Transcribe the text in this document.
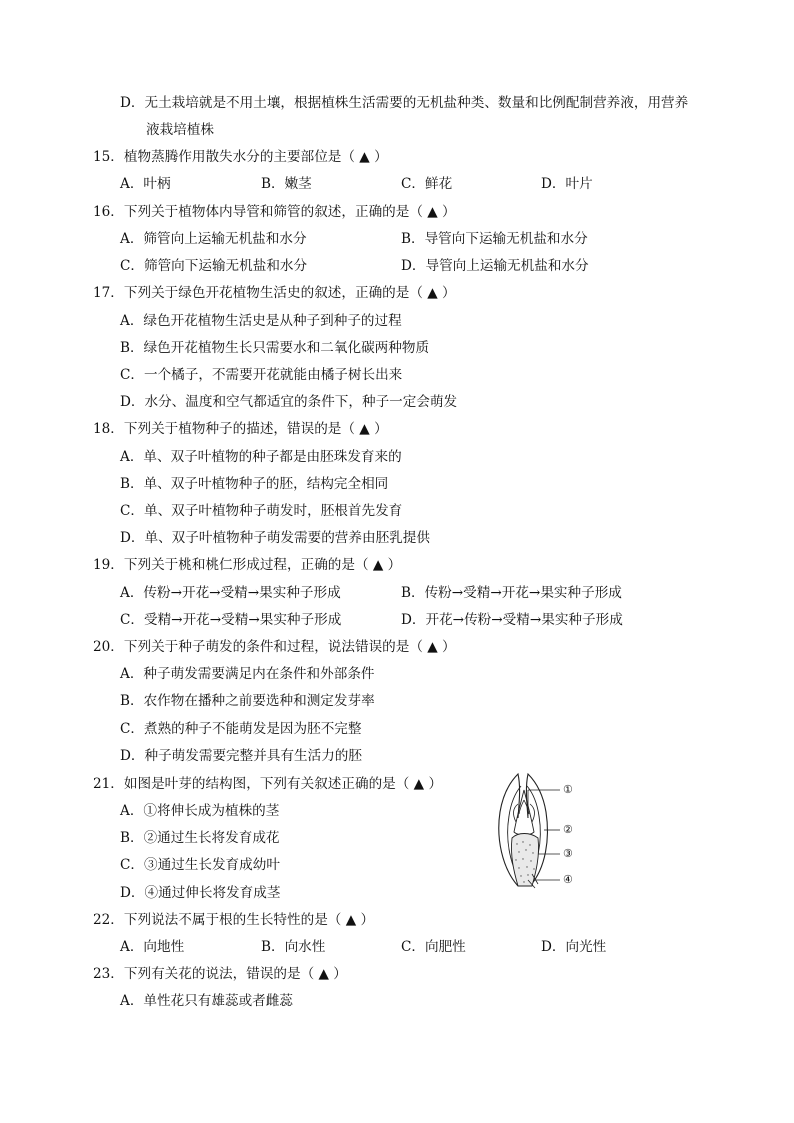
D．无土栽培就是不用土壤，根据植株生活需要的无机盐种类、数量和比例配制营养液，用营养
液栽培植株
15．植物蒸腾作用散失水分的主要部位是（ ▲ ）
A．叶柄	B．嫩茎	C．鲜花	D．叶片
16．下列关于植物体内导管和筛管的叙述，正确的是（ ▲ ）
A．筛管向上运输无机盐和水分	B．导管向下运输无机盐和水分
C．筛管向下运输无机盐和水分	D．导管向上运输无机盐和水分
17．下列关于绿色开花植物生活史的叙述，正确的是（ ▲ ）
A．绿色开花植物生活史是从种子到种子的过程
B．绿色开花植物生长只需要水和二氧化碳两种物质
C．一个橘子，不需要开花就能由橘子树长出来
D．水分、温度和空气都适宜的条件下，种子一定会萌发
18．下列关于植物种子的描述，错误的是（ ▲ ）
A．单、双子叶植物的种子都是由胚珠发育来的
B．单、双子叶植物种子的胚，结构完全相同
C．单、双子叶植物种子萌发时，胚根首先发育
D．单、双子叶植物种子萌发需要的营养由胚乳提供
19．下列关于桃和桃仁形成过程，正确的是（ ▲ ）
A．传粉→开花→受精→果实种子形成	B．传粉→受精→开花→果实种子形成
C．受精→开花→受精→果实种子形成	D．开花→传粉→受精→果实种子形成
20．下列关于种子萌发的条件和过程，说法错误的是（ ▲ ）
A．种子萌发需要满足内在条件和外部条件
B．农作物在播种之前要选种和测定发芽率
C．煮熟的种子不能萌发是因为胚不完整
D．种子萌发需要完整并具有生活力的胚
21．如图是叶芽的结构图，下列有关叙述正确的是（ ▲ ）
A．①将伸长成为植株的茎
B．②通过生长将发育成花
C．③通过生长发育成幼叶
D．④通过伸长将发育成茎
①
②
③
④
22．下列说法不属于根的生长特性的是（ ▲ ）
A．向地性	B．向水性	C．向肥性	D．向光性
23．下列有关花的说法，错误的是（ ▲ ）
A．单性花只有雄蕊或者雌蕊
